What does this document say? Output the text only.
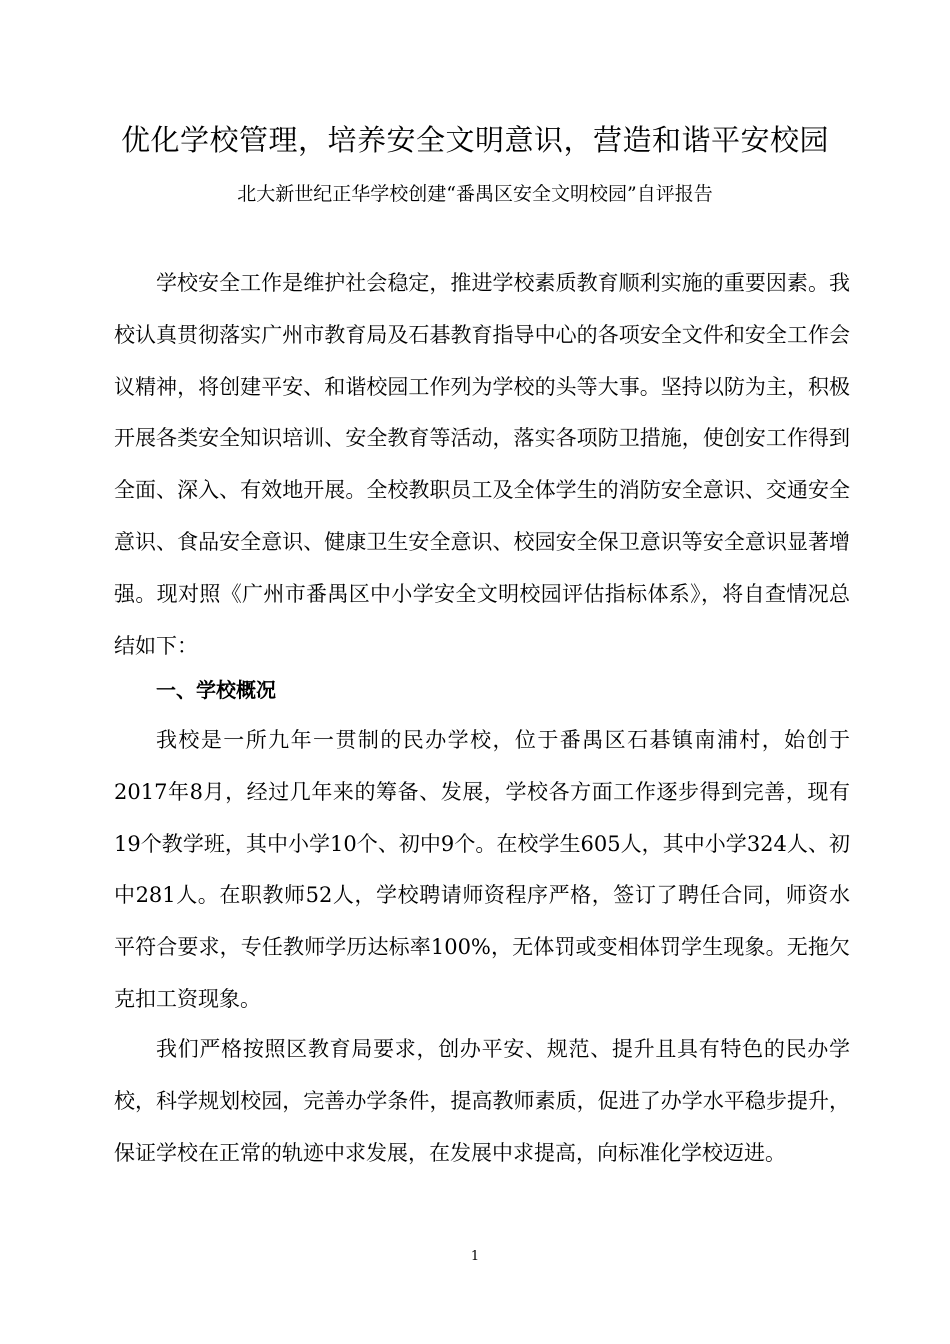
优化学校管理，培养安全文明意识，营造和谐平安校园
北大新世纪正华学校创建“番禺区安全文明校园”自评报告

学校安全工作是维护社会稳定，推进学校素质教育顺利实施的重要因素。我校认真贯彻落实广州市教育局及石碁教育指导中心的各项安全文件和安全工作会议精神，将创建平安、和谐校园工作列为学校的头等大事。坚持以防为主，积极开展各类安全知识培训、安全教育等活动，落实各项防卫措施，使创安工作得到全面、深入、有效地开展。全校教职员工及全体学生的消防安全意识、交通安全意识、食品安全意识、健康卫生安全意识、校园安全保卫意识等安全意识显著增强。现对照《广州市番禺区中小学安全文明校园评估指标体系》，将自查情况总结如下：

一、学校概况

我校是一所九年一贯制的民办学校，位于番禺区石碁镇南浦村，始创于2017年8月，经过几年来的筹备、发展，学校各方面工作逐步得到完善，现有19个教学班，其中小学10个、初中9个。在校学生605人，其中小学324人、初中281人。在职教师52人，学校聘请师资程序严格，签订了聘任合同，师资水平符合要求，专任教师学历达标率100%，无体罚或变相体罚学生现象。无拖欠克扣工资现象。

我们严格按照区教育局要求，创办平安、规范、提升且具有特色的民办学校，科学规划校园，完善办学条件，提高教师素质，促进了办学水平稳步提升，保证学校在正常的轨迹中求发展，在发展中求提高，向标准化学校迈进。

1
